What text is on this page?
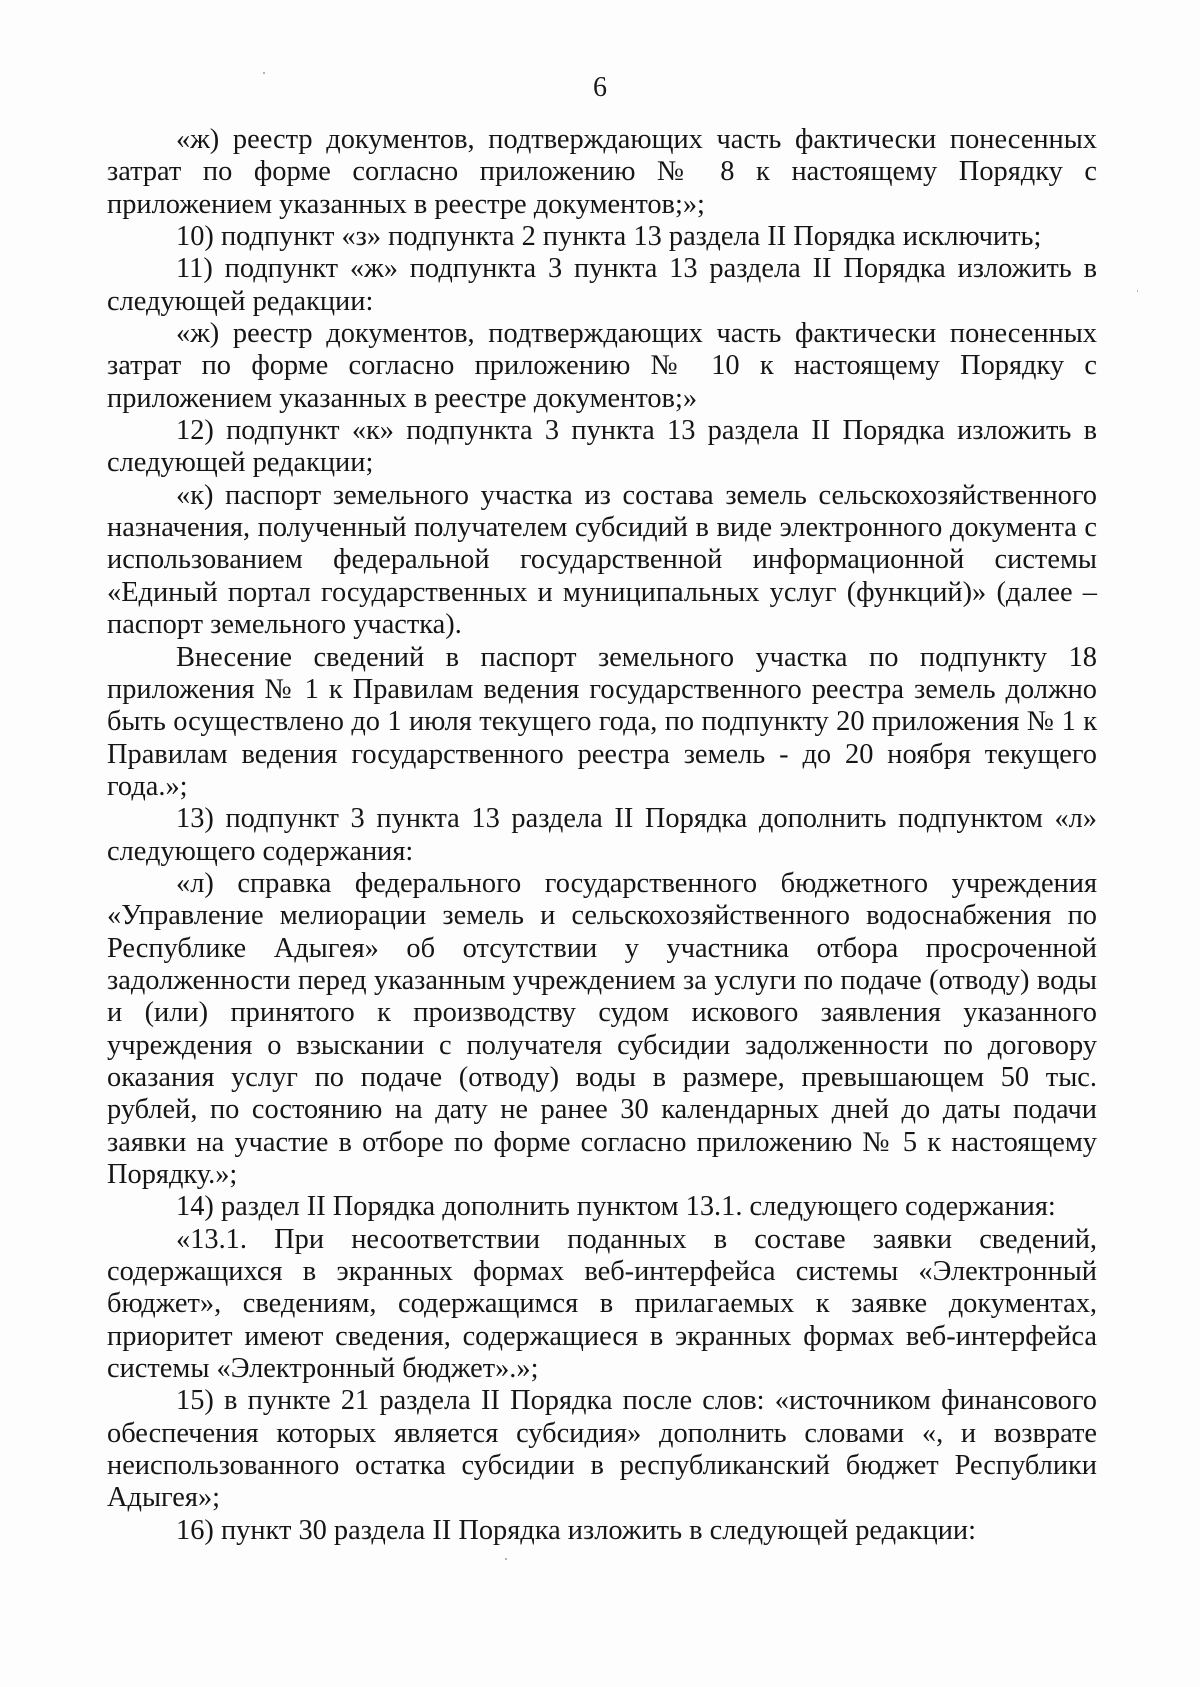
6

«ж) реестр документов, подтверждающих часть фактически понесенных затрат по форме согласно приложению № 8 к настоящему Порядку с приложением указанных в реестре документов;»;

10) подпункт «з» подпункта 2 пункта 13 раздела II Порядка исключить;

11) подпункт «ж» подпункта 3 пункта 13 раздела II Порядка изложить в следующей редакции:

«ж) реестр документов, подтверждающих часть фактически понесенных затрат по форме согласно приложению № 10 к настоящему Порядку с приложением указанных в реестре документов;»

12) подпункт «к» подпункта 3 пункта 13 раздела II Порядка изложить в следующей редакции;

«к) паспорт земельного участка из состава земель сельскохозяйственного назначения, полученный получателем субсидий в виде электронного документа с использованием федеральной государственной информационной системы «Единый портал государственных и муниципальных услуг (функций)» (далее – паспорт земельного участка).

Внесение сведений в паспорт земельного участка по подпункту 18 приложения № 1 к Правилам ведения государственного реестра земель должно быть осуществлено до 1 июля текущего года, по подпункту 20 приложения № 1 к Правилам ведения государственного реестра земель - до 20 ноября текущего года.»;

13) подпункт 3 пункта 13 раздела II Порядка дополнить подпунктом «л» следующего содержания:

«л) справка федерального государственного бюджетного учреждения «Управление мелиорации земель и сельскохозяйственного водоснабжения по Республике Адыгея» об отсутствии у участника отбора просроченной задолженности перед указанным учреждением за услуги по подаче (отводу) воды и (или) принятого к производству судом искового заявления указанного учреждения о взыскании с получателя субсидии задолженности по договору оказания услуг по подаче (отводу) воды в размере, превышающем 50 тыс. рублей, по состоянию на дату не ранее 30 календарных дней до даты подачи заявки на участие в отборе по форме согласно приложению № 5 к настоящему Порядку.»;

14) раздел II Порядка дополнить пунктом 13.1. следующего содержания:

«13.1. При несоответствии поданных в составе заявки сведений, содержащихся в экранных формах веб-интерфейса системы «Электронный бюджет», сведениям, содержащимся в прилагаемых к заявке документах, приоритет имеют сведения, содержащиеся в экранных формах веб-интерфейса системы «Электронный бюджет».»;

15) в пункте 21 раздела II Порядка после слов: «источником финансового обеспечения которых является субсидия» дополнить словами «, и возврате неиспользованного остатка субсидии в республиканский бюджет Республики Адыгея»;

16) пункт 30 раздела II Порядка изложить в следующей редакции:
